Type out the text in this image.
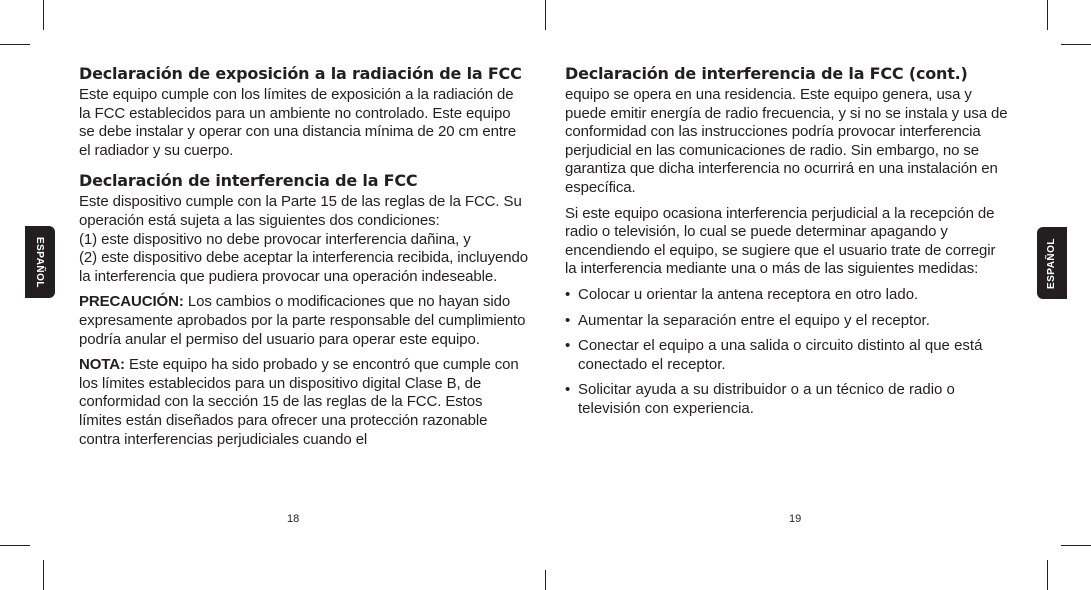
ESPAÑOL	ESPAÑOL
Declaración de exposición a la radiación de la FCC

Este equipo cumple con los límites de exposición a la radiación de la FCC establecidos para un ambiente no controlado. Este equipo se debe instalar y operar con una distancia mínima de 20 cm entre el radiador y su cuerpo.

Declaración de interferencia de la FCC

Este dispositivo cumple con la Parte 15 de las reglas de la FCC. Su operación está sujeta a las siguientes dos condiciones:

(1) este dispositivo no debe provocar interferencia dañina, y

(2) este dispositivo debe aceptar la interferencia recibida, incluyendo la interferencia que pudiera provocar una operación indeseable.

PRECAUCIÓN: Los cambios o modificaciones que no hayan sido expresamente aprobados por la parte responsable del cumplimiento podría anular el permiso del usuario para operar este equipo.

NOTA: Este equipo ha sido probado y se encontró que cumple con los límites establecidos para un dispositivo digital Clase B, de conformidad con la sección 15 de las reglas de la FCC. Estos límites están diseñados para ofrecer una protección razonable contra interferencias perjudiciales cuando el

18
Declaración de interferencia de la FCC (cont.)

equipo se opera en una residencia. Este equipo genera, usa y puede emitir energía de radio frecuencia, y si no se instala y usa de conformidad con las instrucciones podría provocar interferencia perjudicial en las comunicaciones de radio. Sin embargo, no se garantiza que dicha interferencia no ocurrirá en una instalación en específica.

Si este equipo ocasiona interferencia perjudicial a la recepción de radio o televisión, lo cual se puede determinar apagando y encendiendo el equipo, se sugiere que el usuario trate de corregir la interferencia mediante una o más de las siguientes medidas:

• Colocar u orientar la antena receptora en otro lado.
• Aumentar la separación entre el equipo y el receptor.
• Conectar el equipo a una salida o circuito distinto al que está conectado el receptor.
• Solicitar ayuda a su distribuidor o a un técnico de radio o televisión con experiencia.
19
